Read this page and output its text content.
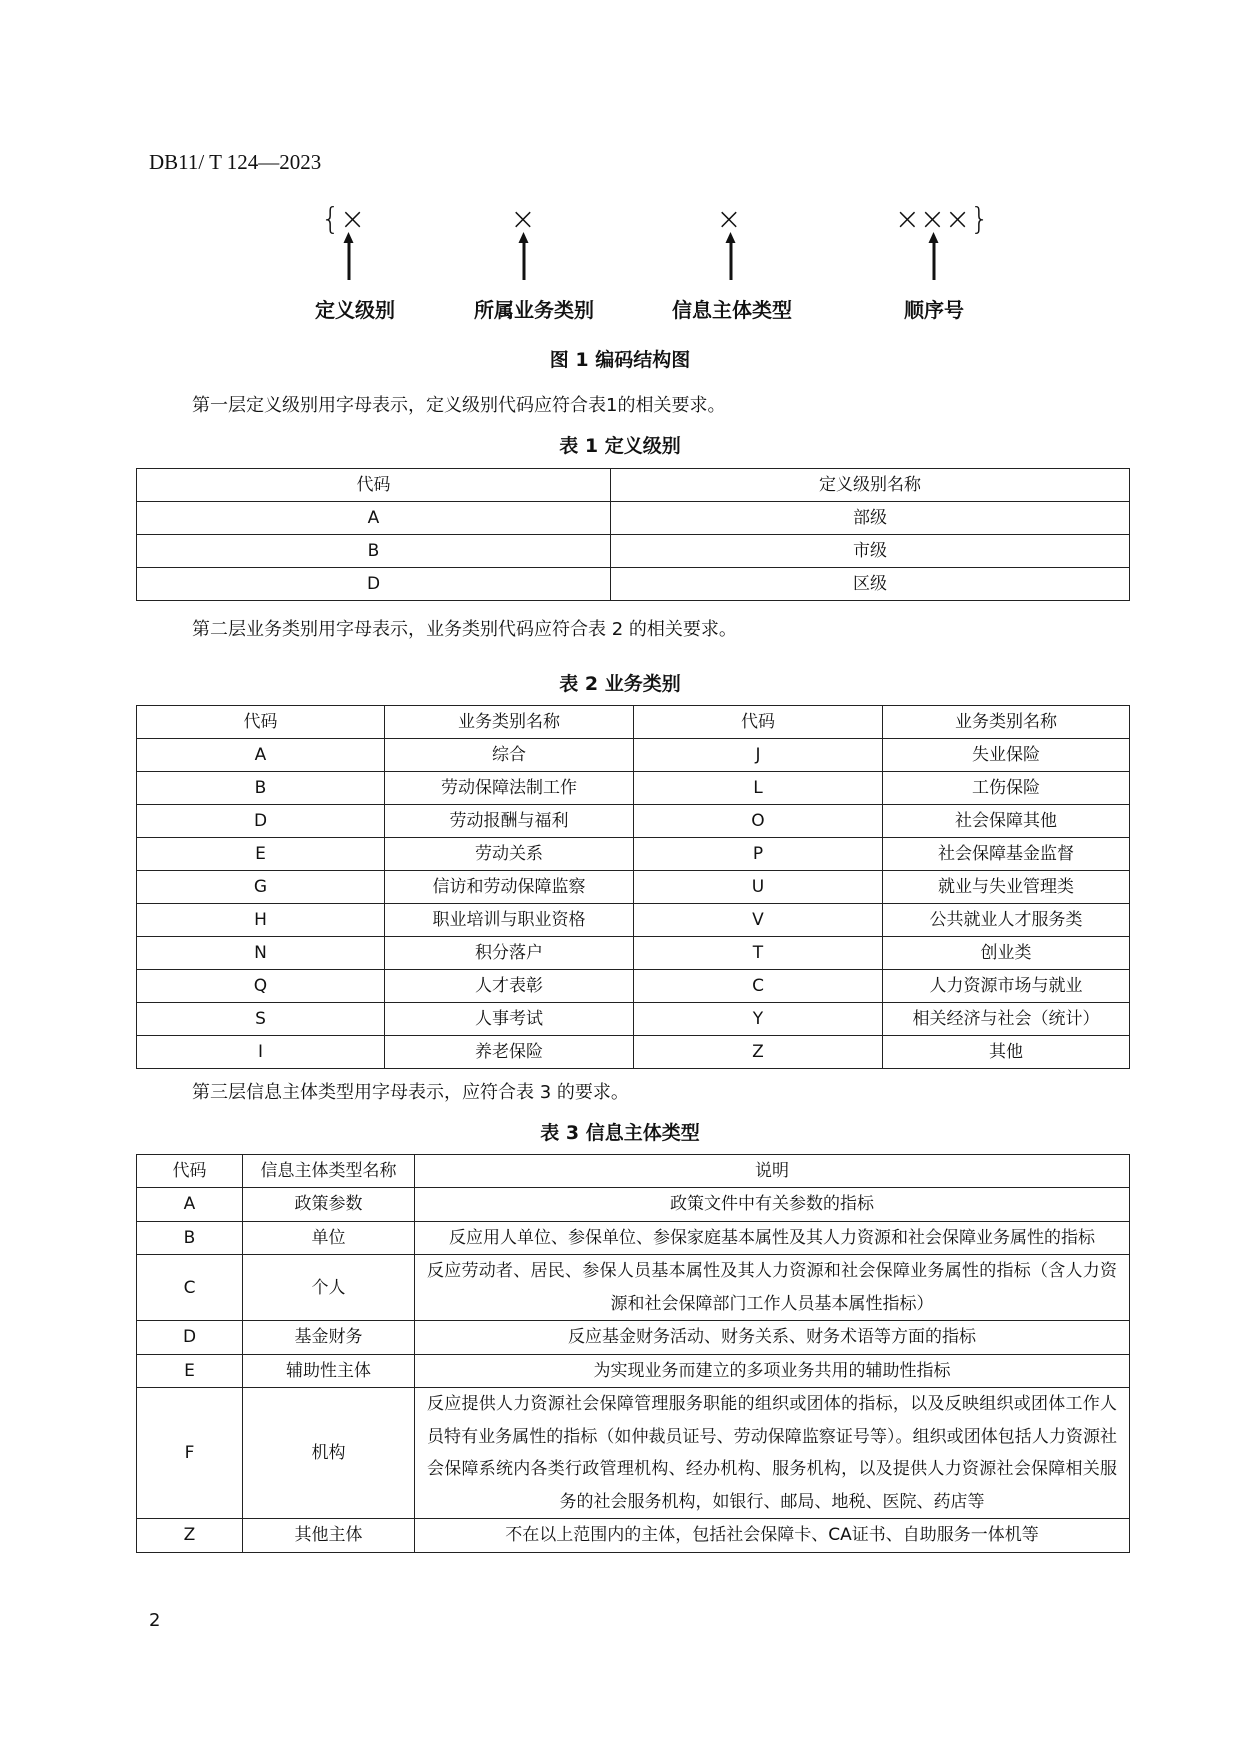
DB11/ T 124—2023
{×	×	×	×××}
定义级别	所属业务类别	信息主体类型	顺序号
图 1 编码结构图
第一层定义级别用字母表示，定义级别代码应符合表1的相关要求。
表 1 定义级别
代码	定义级别名称
A	部级
B	市级
D	区级
第二层业务类别用字母表示，业务类别代码应符合表 2 的相关要求。
表 2 业务类别
代码	业务类别名称	代码	业务类别名称
A	综合	J	失业保险
B	劳动保障法制工作	L	工伤保险
D	劳动报酬与福利	O	社会保障其他
E	劳动关系	P	社会保障基金监督
G	信访和劳动保障监察	U	就业与失业管理类
H	职业培训与职业资格	V	公共就业人才服务类
N	积分落户	T	创业类
Q	人才表彰	C	人力资源市场与就业
S	人事考试	Y	相关经济与社会（统计）
I	养老保险	Z	其他
第三层信息主体类型用字母表示，应符合表 3 的要求。
表 3 信息主体类型
代码	信息主体类型名称	说明
A	政策参数	政策文件中有关参数的指标
B	单位	反应用人单位、参保单位、参保家庭基本属性及其人力资源和社会保障业务属性的指标
C	个人	反应劳动者、居民、参保人员基本属性及其人力资源和社会保障业务属性的指标（含人力资源和社会保障部门工作人员基本属性指标）
D	基金财务	反应基金财务活动、财务关系、财务术语等方面的指标
E	辅助性主体	为实现业务而建立的多项业务共用的辅助性指标
F	机构	反应提供人力资源社会保障管理服务职能的组织或团体的指标，以及反映组织或团体工作人员特有业务属性的指标（如仲裁员证号、劳动保障监察证号等）。组织或团体包括人力资源社会保障系统内各类行政管理机构、经办机构、服务机构，以及提供人力资源社会保障相关服务的社会服务机构，如银行、邮局、地税、医院、药店等
Z	其他主体	不在以上范围内的主体，包括社会保障卡、CA证书、自助服务一体机等
2
